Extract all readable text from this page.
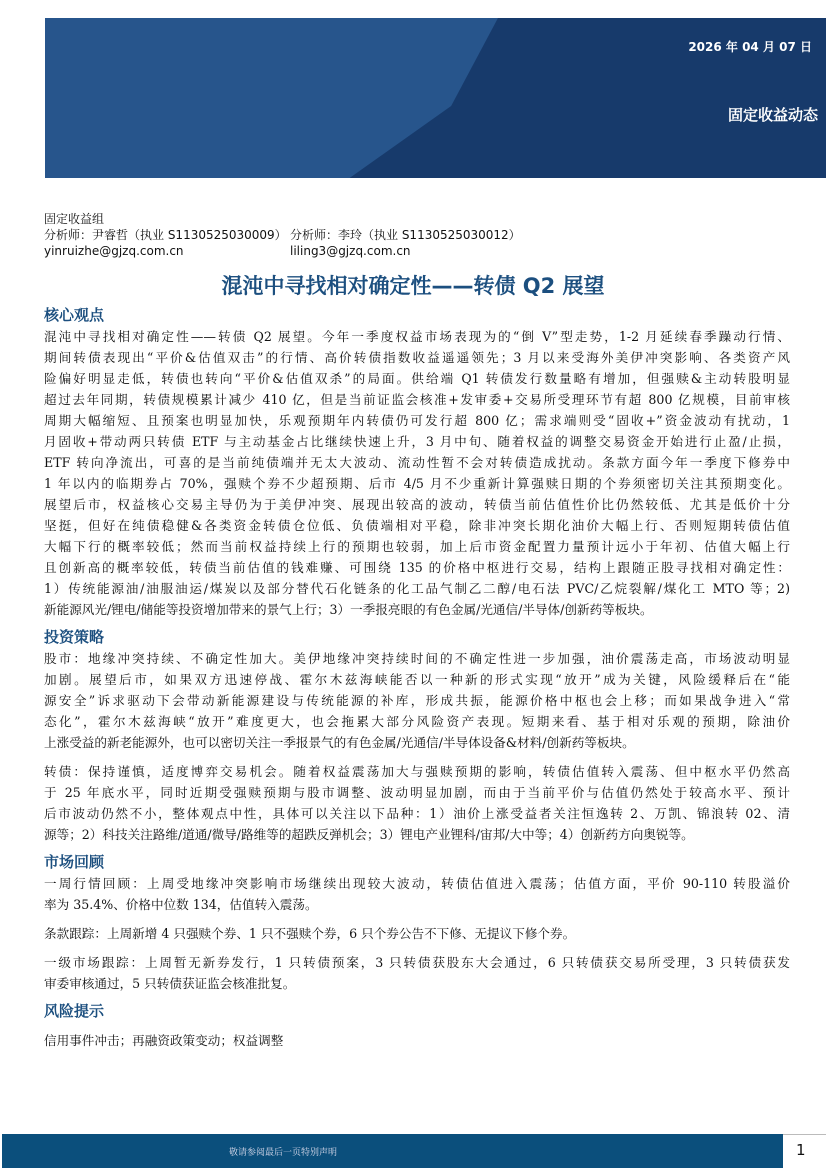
2026 年 04 月 07 日
固定收益动态
固定收益组
分析师：尹睿哲（执业 S1130525030009） 分析师：李玲（执业 S1130525030012）
yinruizhe@gjzq.com.cn	liling3@gjzq.com.cn
混沌中寻找相对确定性——转债 Q2 展望
核心观点
混沌中寻找相对确定性——转债 Q2 展望。今年一季度权益市场表现为的“倒 V”型走势，1-2 月延续春季躁动行情、
期间转债表现出“平价&估值双击”的行情、高价转债指数收益遥遥领先；3 月以来受海外美伊冲突影响、各类资产风
险偏好明显走低，转债也转向“平价&估值双杀”的局面。供给端 Q1 转债发行数量略有增加，但强赎&主动转股明显
超过去年同期，转债规模累计减少 410 亿，但是当前证监会核准+发审委+交易所受理环节有超 800 亿规模，目前审核
周期大幅缩短、且预案也明显加快，乐观预期年内转债仍可发行超 800 亿；需求端则受“固收+”资金波动有扰动，1
月固收+带动两只转债 ETF 与主动基金占比继续快速上升，3 月中旬、随着权益的调整交易资金开始进行止盈/止损，
ETF 转向净流出，可喜的是当前纯债端并无太大波动、流动性暂不会对转债造成扰动。条款方面今年一季度下修券中
1 年以内的临期券占 70%，强赎个券不少超预期、后市 4/5 月不少重新计算强赎日期的个券须密切关注其预期变化。
展望后市，权益核心交易主导仍为于美伊冲突、展现出较高的波动，转债当前估值性价比仍然较低、尤其是低价十分
坚挺，但好在纯债稳健&各类资金转债仓位低、负债端相对平稳，除非冲突长期化油价大幅上行、否则短期转债估值
大幅下行的概率较低；然而当前权益持续上行的预期也较弱，加上后市资金配置力量预计远小于年初、估值大幅上行
且创新高的概率较低，转债当前估值的钱难赚、可围绕 135 的价格中枢进行交易，结构上跟随正股寻找相对确定性：
1）传统能源油/油服油运/煤炭以及部分替代石化链条的化工品气制乙二醇/电石法 PVC/乙烷裂解/煤化工 MTO 等；2)
新能源风光/锂电/储能等投资增加带来的景气上行；3）一季报亮眼的有色金属/光通信/半导体/创新药等板块。
投资策略
股市：地缘冲突持续、不确定性加大。美伊地缘冲突持续时间的不确定性进一步加强，油价震荡走高，市场波动明显
加剧。展望后市，如果双方迅速停战、霍尔木兹海峡能否以一种新的形式实现“放开”成为关键，风险缓释后在“能
源安全”诉求驱动下会带动新能源建设与传统能源的补库，形成共振，能源价格中枢也会上移；而如果战争进入“常
态化”，霍尔木兹海峡“放开”难度更大，也会拖累大部分风险资产表现。短期来看、基于相对乐观的预期，除油价
上涨受益的新老能源外，也可以密切关注一季报景气的有色金属/光通信/半导体设备&材料/创新药等板块。
转债：保持谨慎，适度博弈交易机会。随着权益震荡加大与强赎预期的影响，转债估值转入震荡、但中枢水平仍然高
于 25 年底水平，同时近期受强赎预期与股市调整、波动明显加剧，而由于当前平价与估值仍然处于较高水平、预计
后市波动仍然不小，整体观点中性，具体可以关注以下品种：1）油价上涨受益者关注恒逸转 2、万凯、锦浪转 02、清
源等；2）科技关注路维/道通/微导/路维等的超跌反弹机会；3）锂电产业锂科/宙邦/大中等；4）创新药方向奥锐等。
市场回顾
一周行情回顾：上周受地缘冲突影响市场继续出现较大波动，转债估值进入震荡；估值方面，平价 90-110 转股溢价
率为 35.4%、价格中位数 134，估值转入震荡。
条款跟踪：上周新增 4 只强赎个券、1 只不强赎个券，6 只个券公告不下修、无提议下修个券。
一级市场跟踪：上周暂无新券发行，1 只转债预案，3 只转债获股东大会通过，6 只转债获交易所受理，3 只转债获发
审委审核通过，5 只转债获证监会核准批复。
风险提示
信用事件冲击；再融资政策变动；权益调整
敬请参阅最后一页特别声明	1
